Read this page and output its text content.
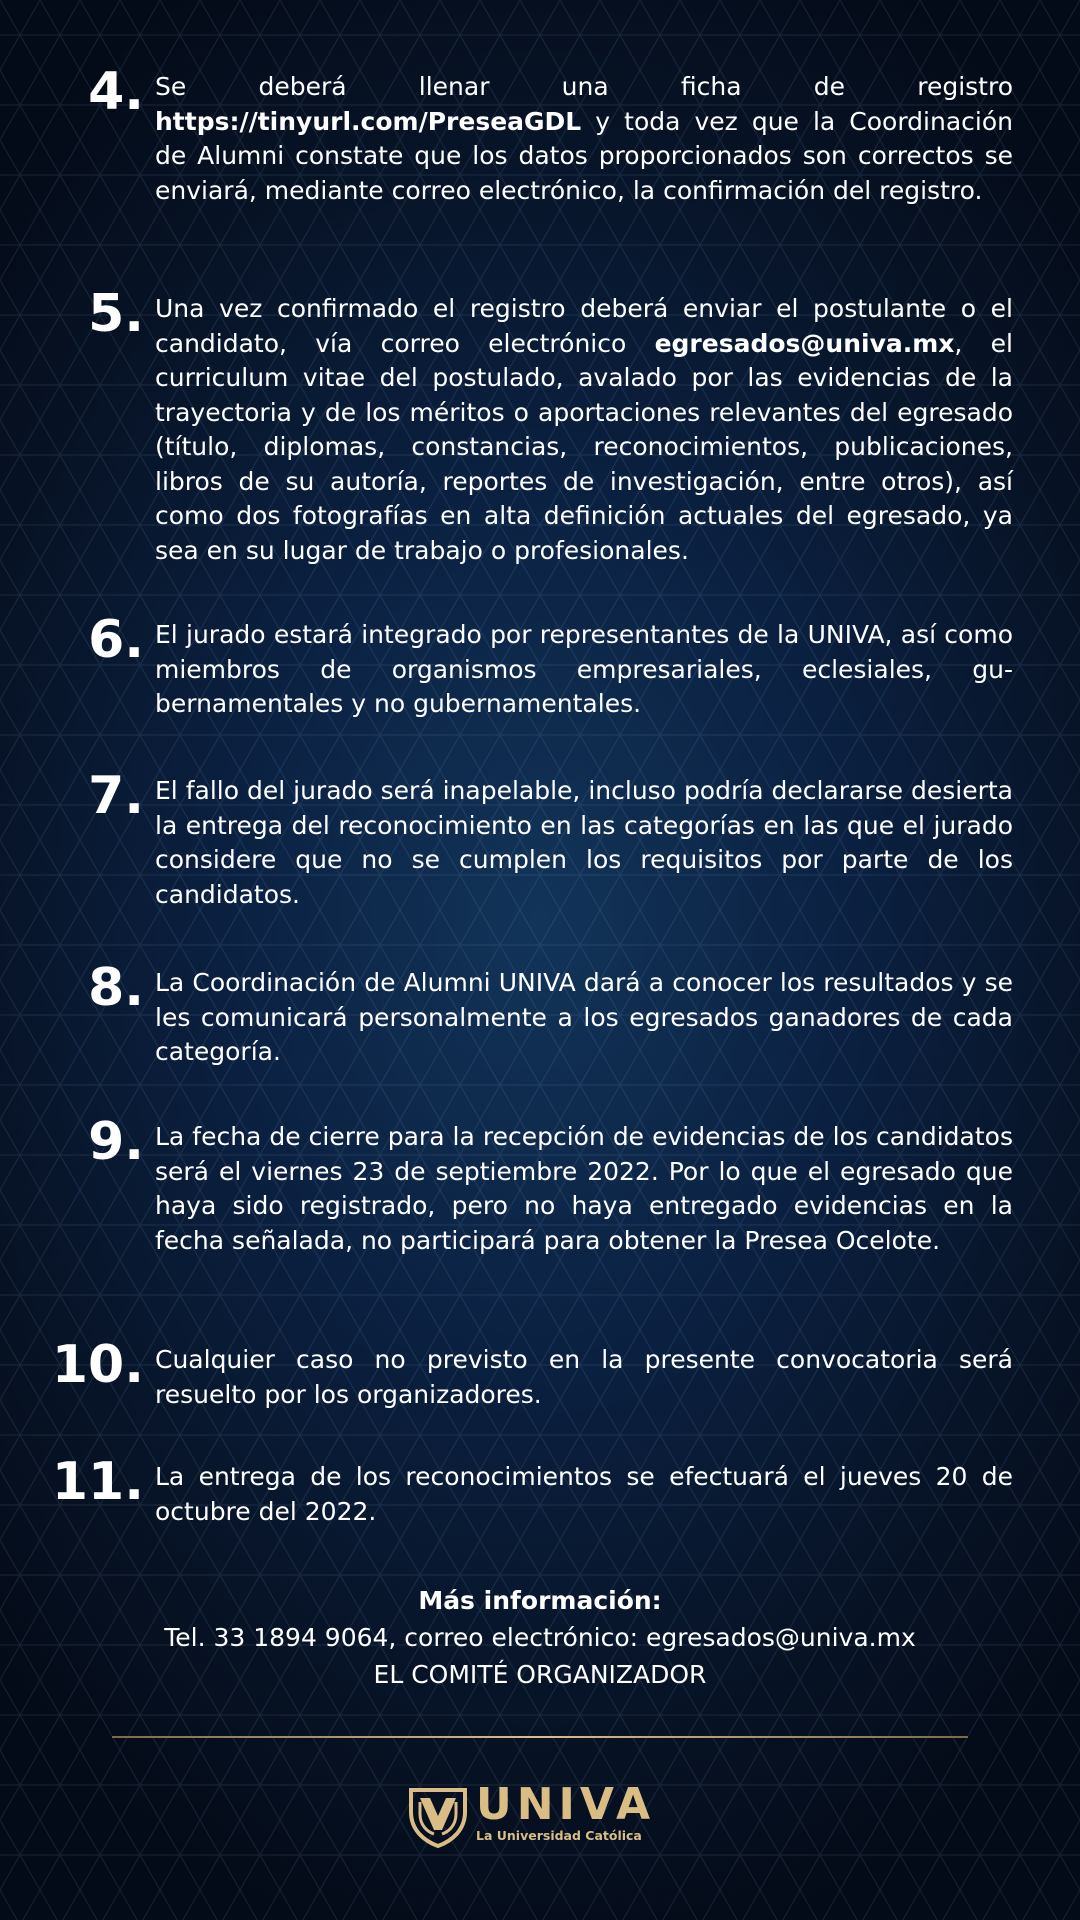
4. Se deberá llenar una ficha de registro https://tinyurl.com/PreseaGDL y toda vez que la Coordinación de Alumni constate que los datos proporcionados son correctos se enviará, mediante correo electrónico, la confirmación del registro.

5. Una vez confirmado el registro deberá enviar el postulante o el candidato, vía correo electrónico egresados@univa.mx, el curriculum vitae del postulado, avalado por las evidencias de la trayectoria y de los méritos o aportaciones relevantes del egresado (título, diplomas, constancias, reconocimientos, publicaciones, libros de su autoría, reportes de investigación, entre otros), así como dos fotografías en alta definición actuales del egresado, ya sea en su lugar de trabajo o profesionales.

6. El jurado estará integrado por representantes de la UNIVA, así como miembros de organismos empresariales, eclesiales, gu-bernamentales y no gubernamentales.

7. El fallo del jurado será inapelable, incluso podría declararse desierta la entrega del reconocimiento en las categorías en las que el jurado considere que no se cumplen los requisitos por parte de los candidatos.

8. La Coordinación de Alumni UNIVA dará a conocer los resultados y se les comunicará personalmente a los egresados ganadores de cada categoría.

9. La fecha de cierre para la recepción de evidencias de los candidatos será el viernes 23 de septiembre 2022. Por lo que el egresado que haya sido registrado, pero no haya entregado evidencias en la fecha señalada, no participará para obtener la Presea Ocelote.

10. Cualquier caso no previsto en la presente convocatoria será resuelto por los organizadores.

11. La entrega de los reconocimientos se efectuará el jueves 20 de octubre del 2022.

Más información:
Tel. 33 1894 9064, correo electrónico: egresados@univa.mx
EL COMITÉ ORGANIZADOR
UNIVA
La Universidad Católica
